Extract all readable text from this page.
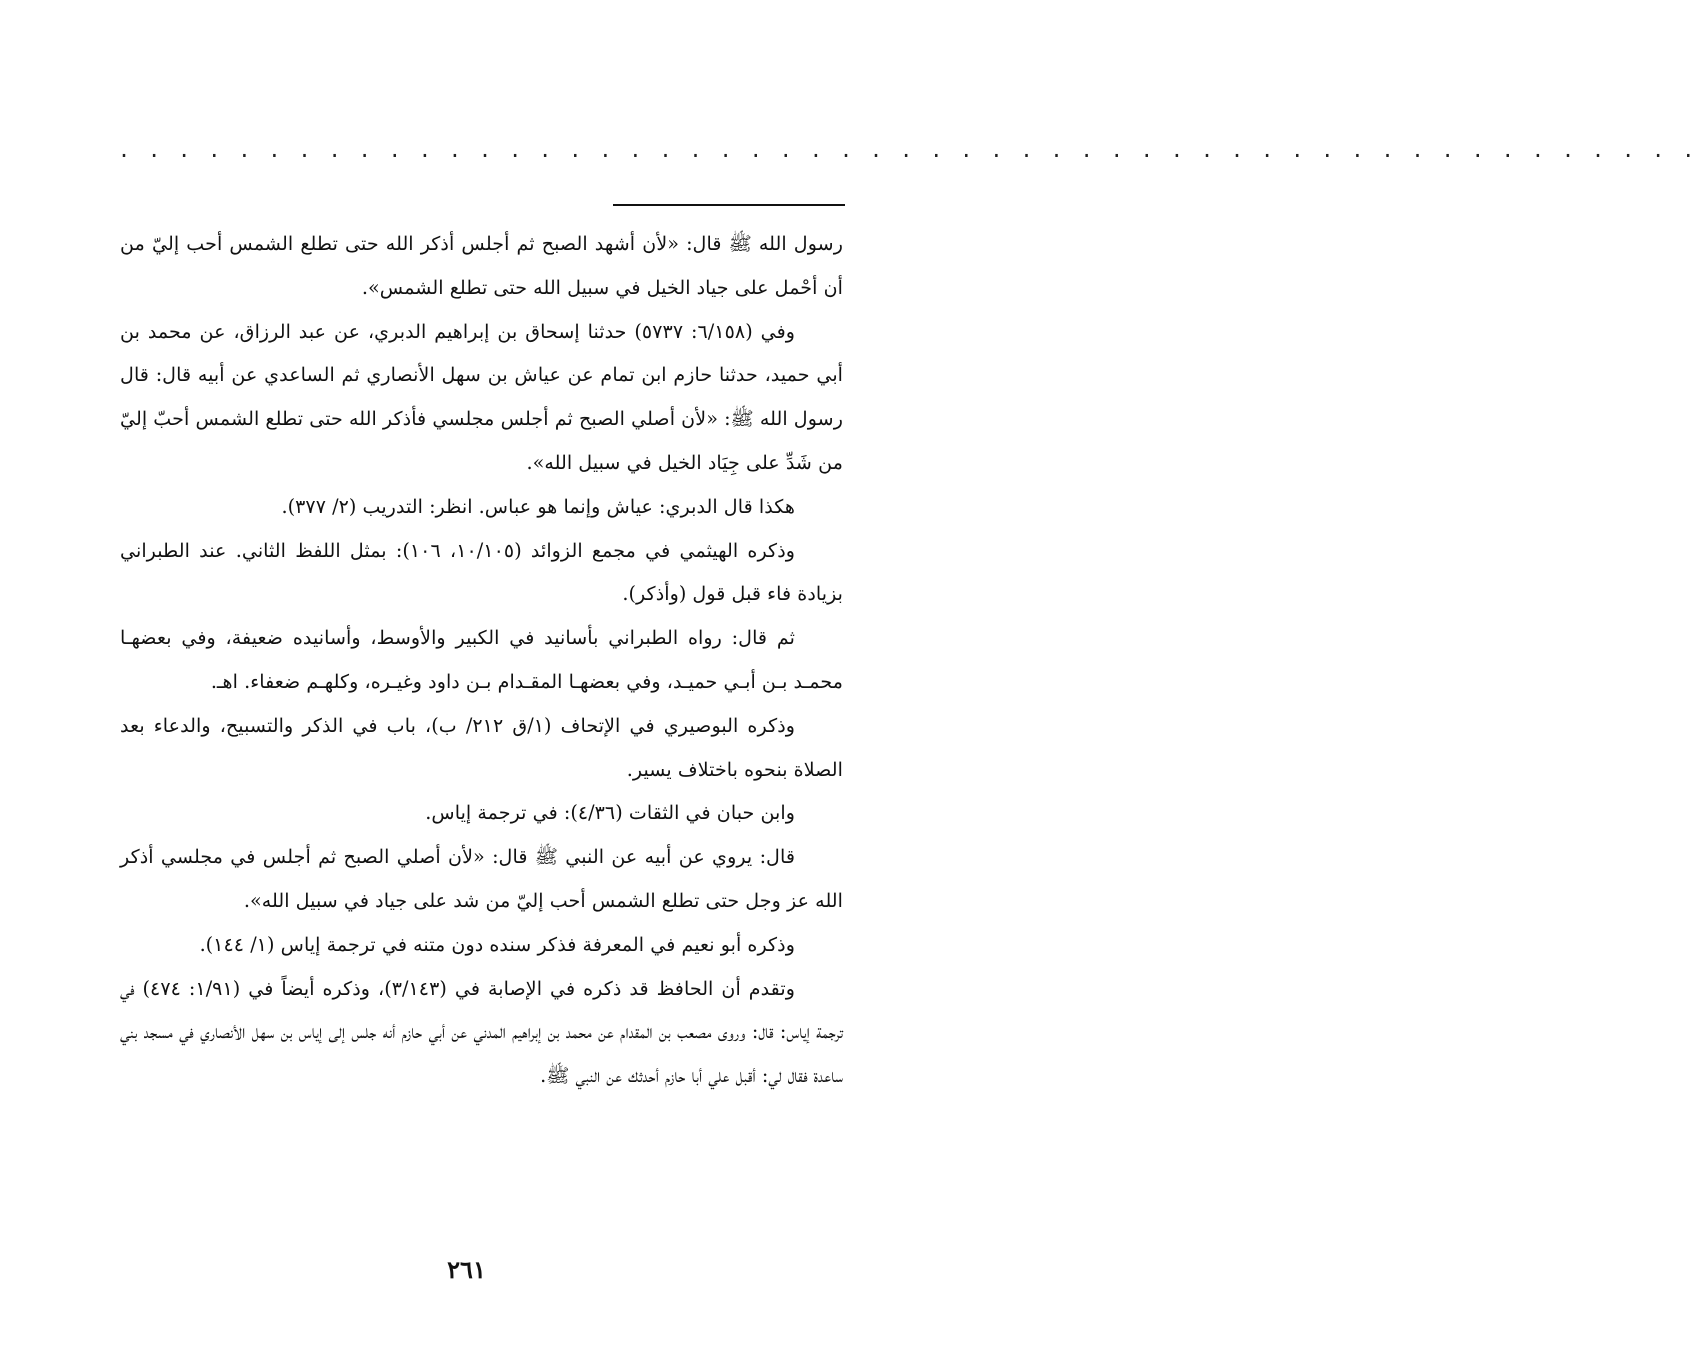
. . . . . . . . . . . . . . . . . . . . . . . . . . . . . . . . . . . . . . . . . . . . . . . . . . . . .

رسول الله ﷺ قال: «لأن أشهد الصبح ثم أجلس أذكر الله حتى تطلع الشمس أحب إليّ من أن أحْمل على جياد الخيل في سبيل الله حتى تطلع الشمس».

وفي (٦/١٥٨: ٥٧٣٧) حدثنا إسحاق بن إبراهيم الدبري، عن عبد الرزاق، عن محمد بن أبي حميد، حدثنا حازم ابن تمام عن عياش بن سهل الأنصاري ثم الساعدي عن أبيه قال: قال رسول الله ﷺ: «لأن أصلي الصبح ثم أجلس مجلسي فأذكر الله حتى تطلع الشمس أحبّ إليّ من شَدِّ على جِيَاد الخيل في سبيل الله».

هكذا قال الدبري: عياش وإنما هو عباس. انظر: التدريب (٢/ ٣٧٧).

وذكره الهيثمي في مجمع الزوائد (١٠/١٠٥، ١٠٦): بمثل اللفظ الثاني. عند الطبراني بزيادة فاء قبل قول (وأذكر).

ثم قال: رواه الطبراني بأسانيد في الكبير والأوسط، وأسانيده ضعيفة، وفي بعضهـا محمـد بـن أبـي حميـد، وفي بعضهـا المقـدام بـن داود وغيـره، وكلهـم ضعفاء. اهـ.

وذكره البوصيري في الإتحاف (١/ق ٢١٢/ ب)، باب في الذكر والتسبيح، والدعاء بعد الصلاة بنحوه باختلاف يسير.

وابن حبان في الثقات (٤/٣٦): في ترجمة إياس.

قال: يروي عن أبيه عن النبي ﷺ قال: «لأن أصلي الصبح ثم أجلس في مجلسي أذكر الله عز وجل حتى تطلع الشمس أحب إليّ من شد على جياد في سبيل الله».

وذكره أبو نعيم في المعرفة فذكر سنده دون متنه في ترجمة إياس (١/ ١٤٤).

وتقدم أن الحافظ قد ذكره في الإصابة في (٣/١٤٣)، وذكره أيضاً في (١/٩١: ٤٧٤) في ترجمة إياس: قال: وروى مصعب بن المقدام عن محمد بن إبراهيم المدني عن أبي حازم أنه جلس إلى إياس بن سهل الأنصاري في مسجد بني ساعدة فقال لي: أقبل علي أبا حازم أحدثك عن النبي ﷺ.

٢٦١
